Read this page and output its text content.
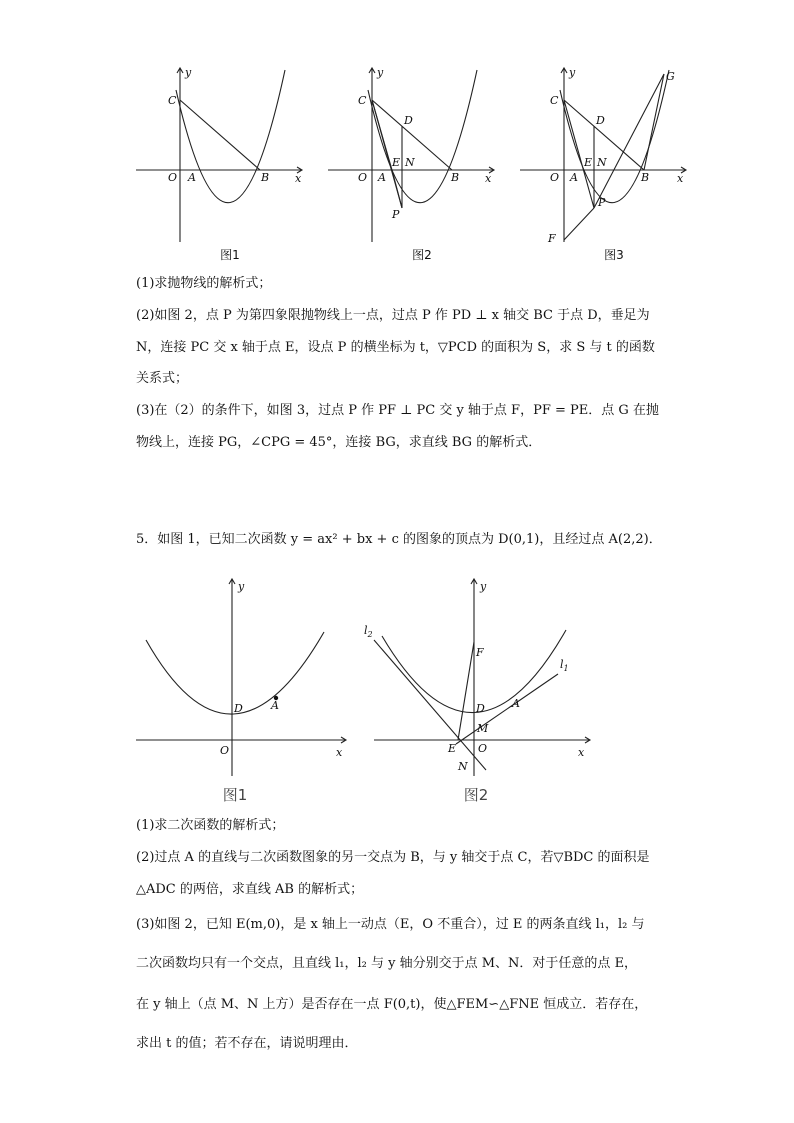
y
C
O A	B x
图1
y
C
D
E N
O A	B x
P
图2
y
C
D
G
E N
O A	B	x
P
F
图3
(1)求抛物线的解析式；
(2)如图 2，点 P 为第四象限抛物线上一点，过点 P 作 PD ⊥ x 轴交 BC 于点 D，垂足为
N，连接 PC 交 x 轴于点 E，设点 P 的横坐标为 t，▽PCD 的面积为 S，求 S 与 t 的函数
关系式；
(3)在（2）的条件下，如图 3，过点 P 作 PF ⊥ PC 交 y 轴于点 F，PF = PE．点 G 在抛
物线上，连接 PG，∠CPG = 45°，连接 BG，求直线 BG 的解析式．
5．如图 1，已知二次函数 y = ax² + bx + c 的图象的顶点为 D(0,1)，且经过点 A(2,2)．
y
D	A
O	x
图1
y
$l_2$
F
$l_1$
D A
M
E O
N
x
图2
(1)求二次函数的解析式；
(2)过点 A 的直线与二次函数图象的另一交点为 B，与 y 轴交于点 C，若▽BDC 的面积是
△ADC 的两倍，求直线 AB 的解析式；
(3)如图 2，已知 E(m,0)，是 x 轴上一动点（E，O 不重合），过 E 的两条直线 l₁，l₂ 与
二次函数均只有一个交点，且直线 l₁，l₂ 与 y 轴分别交于点 M、N．对于任意的点 E，
在 y 轴上（点 M、N 上方）是否存在一点 F(0,t)，使△FEM∽△FNE 恒成立．若存在，
求出 t 的值；若不存在，请说明理由．
